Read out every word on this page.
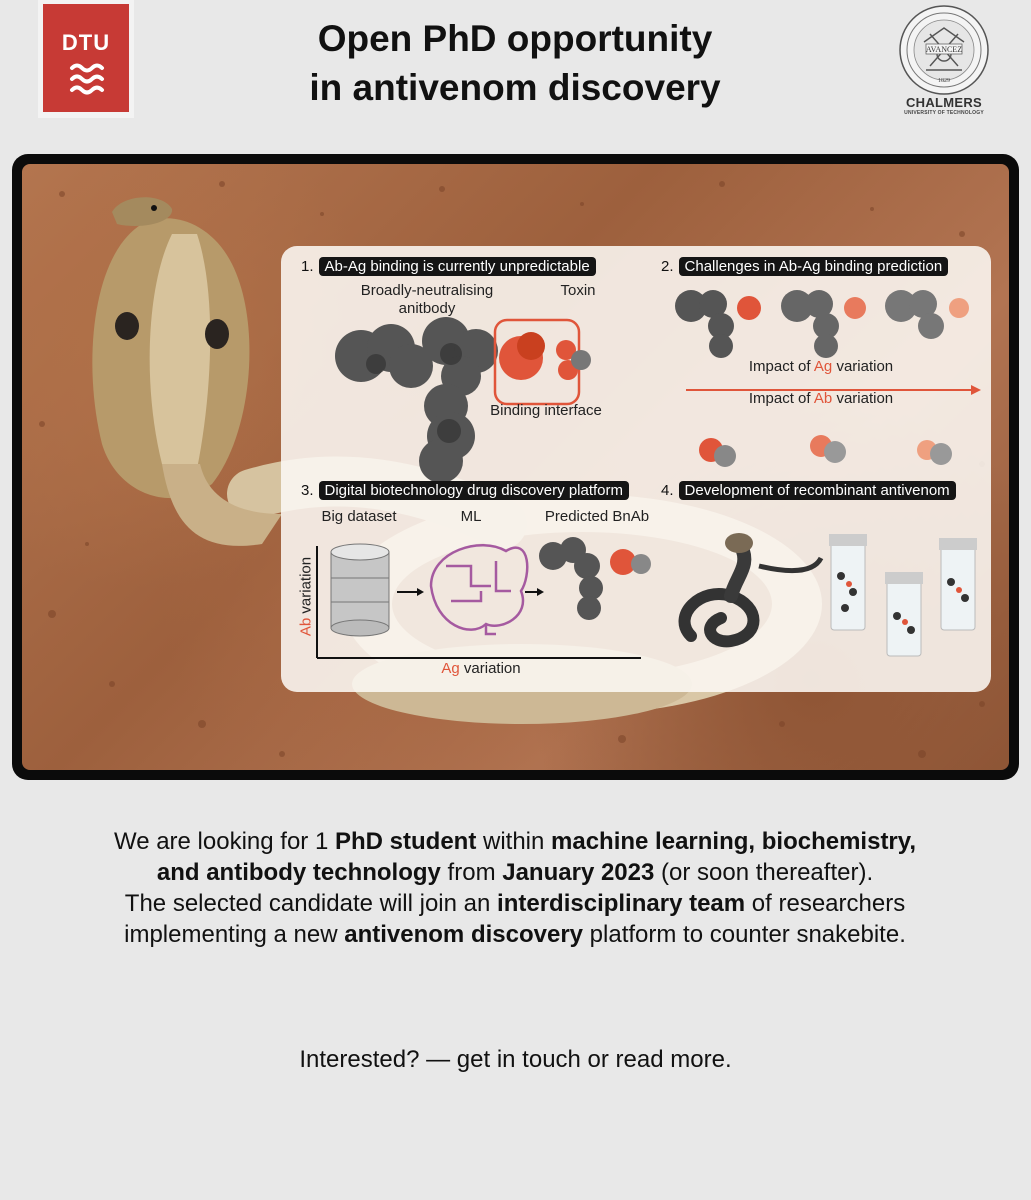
DTU	Open PhD opportunity
in antivenom discovery
AVANCEZ
1829
CHALMERS
UNIVERSITY OF TECHNOLOGY
1. Ab-Ag binding is currently unpredictable	2. Challenges in Ab-Ag binding prediction
3. Digital biotechnology drug discovery platform	4. Development of recombinant antivenom
Broadly-neutralising
anitbody
Toxin
Binding interface
Impact of Ag variation
Impact of Ab variation
Big dataset	ML	Predicted BnAb
Ab variation
Ag variation

We are looking for 1 PhD student within machine learning, biochemistry, and antibody technology from January 2023 (or soon thereafter).

The selected candidate will join an interdisciplinary team of researchers implementing a new antivenom discovery platform to counter snakebite.

Interested? — get in touch or read more.
